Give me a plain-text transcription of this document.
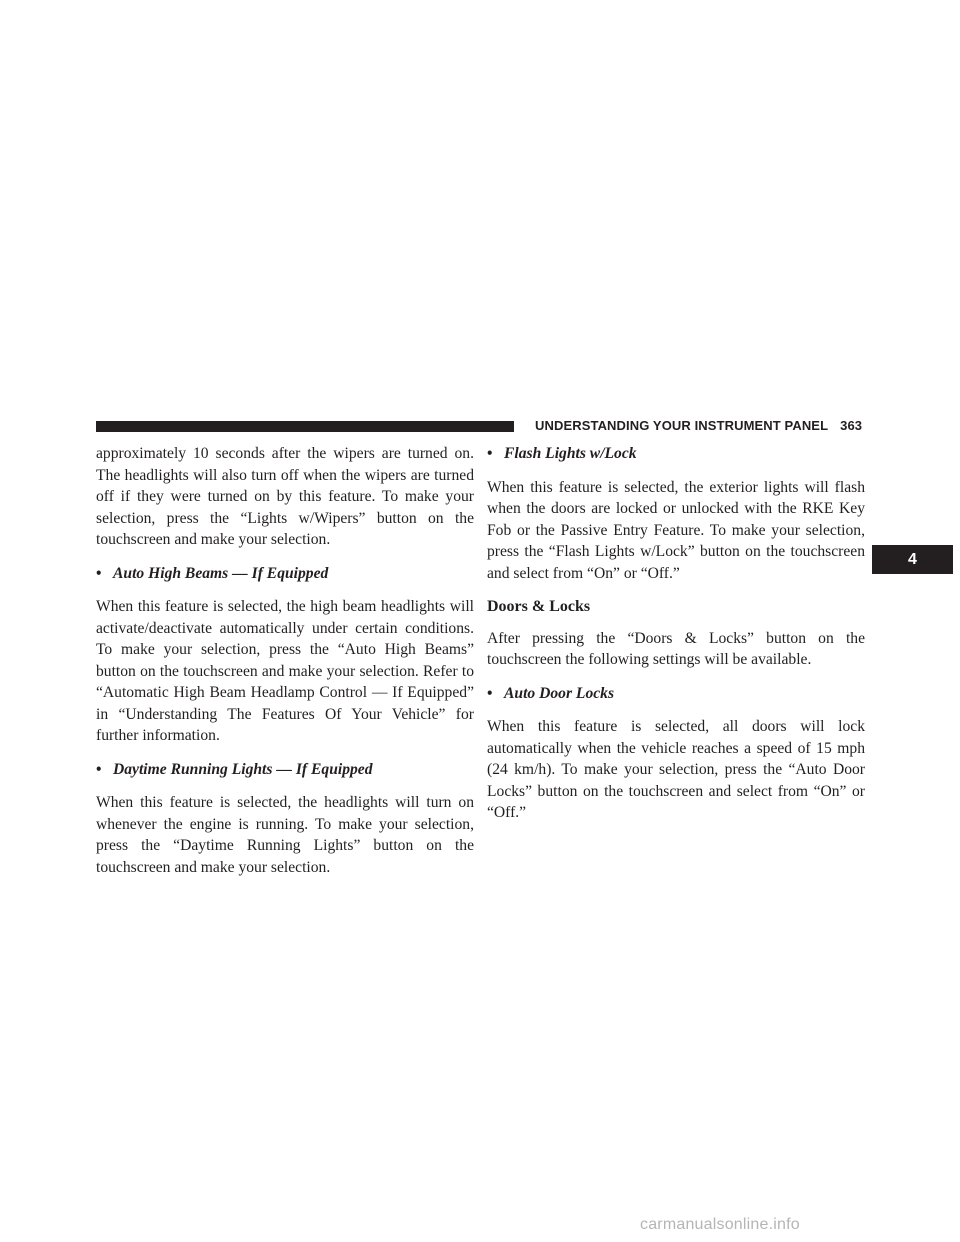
UNDERSTANDING YOUR INSTRUMENT PANEL 363

approximately 10 seconds after the wipers are turned on. The headlights will also turn off when the wipers are turned off if they were turned on by this feature. To make your selection, press the “Lights w/Wipers” button on the touchscreen and make your selection.

• Auto High Beams — If Equipped

When this feature is selected, the high beam headlights will activate/deactivate automatically under certain conditions. To make your selection, press the “Auto High Beams” button on the touchscreen and make your selection. Refer to “Automatic High Beam Headlamp Control — If Equipped” in “Understanding The Features Of Your Vehicle” for further information.

• Daytime Running Lights — If Equipped

When this feature is selected, the headlights will turn on whenever the engine is running. To make your selection, press the “Daytime Running Lights” button on the touchscreen and make your selection.

• Flash Lights w/Lock

When this feature is selected, the exterior lights will flash when the doors are locked or unlocked with the RKE Key Fob or the Passive Entry Feature. To make your selection, press the “Flash Lights w/Lock” button on the touchscreen and select from “On” or “Off.”

Doors & Locks

After pressing the “Doors & Locks” button on the touchscreen the following settings will be available.

• Auto Door Locks

When this feature is selected, all doors will lock automatically when the vehicle reaches a speed of 15 mph (24 km/h). To make your selection, press the “Auto Door Locks” button on the touchscreen and select from “On” or “Off.”

4
carmanualsonline.info
